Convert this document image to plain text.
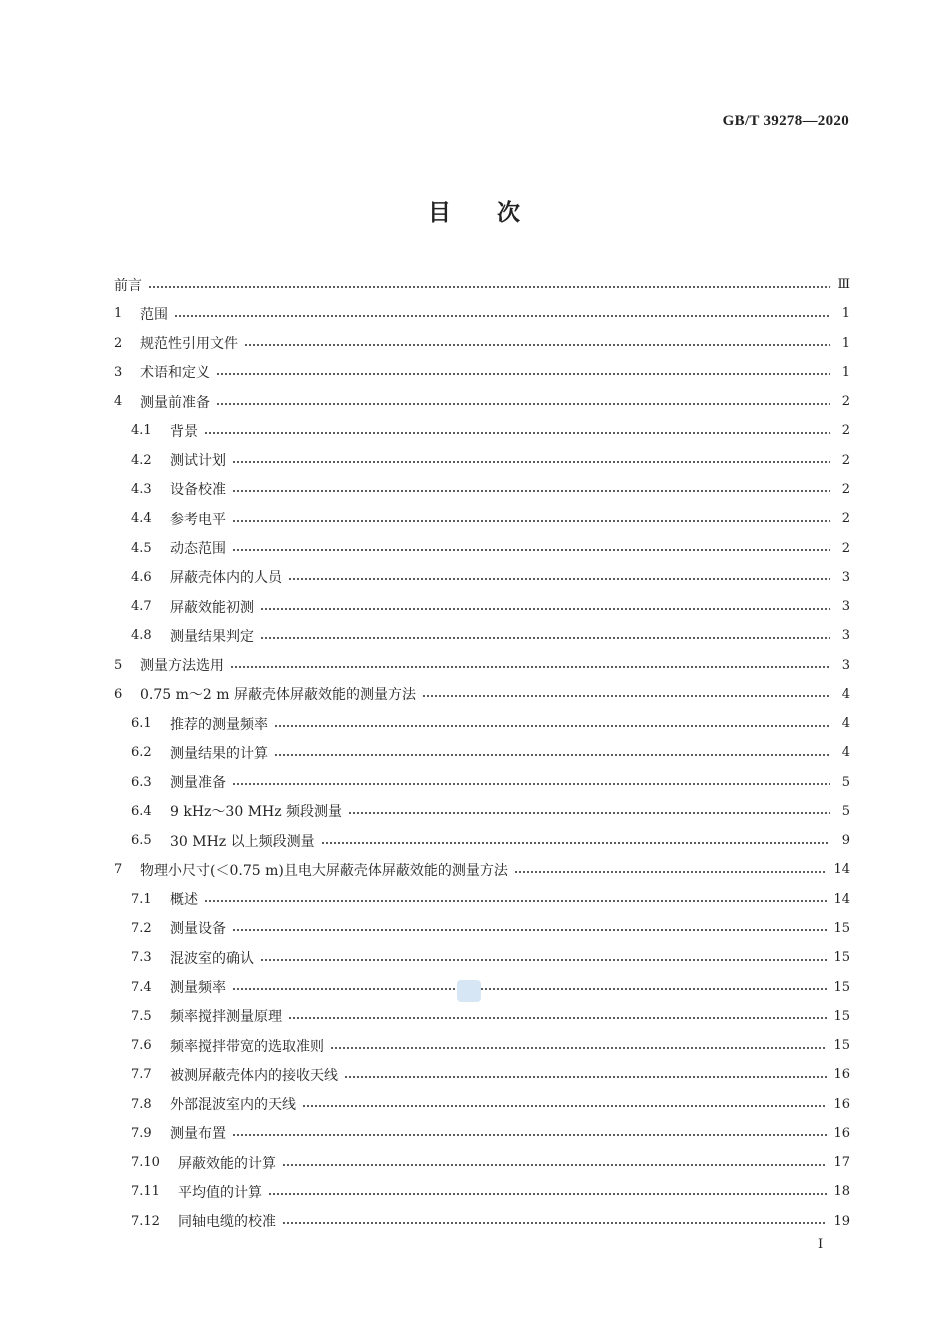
GB/T 39278—2020
目 次
前言	Ⅲ
1	范围	1
2	规范性引用文件	1
3	术语和定义	1
4	测量前准备	2
4.1	背景	2
4.2	测试计划	2
4.3	设备校准	2
4.4	参考电平	2
4.5	动态范围	2
4.6	屏蔽壳体内的人员	3
4.7	屏蔽效能初测	3
4.8	测量结果判定	3
5	测量方法选用	3
6	0.75 m～2 m 屏蔽壳体屏蔽效能的测量方法	4
6.1	推荐的测量频率	4
6.2	测量结果的计算	4
6.3	测量准备	5
6.4	9 kHz～30 MHz 频段测量	5
6.5	30 MHz 以上频段测量	9
7	物理小尺寸(＜0.75 m)且电大屏蔽壳体屏蔽效能的测量方法	14
7.1	概述	14
7.2	测量设备	15
7.3	混波室的确认	15
7.4	测量频率	15
7.5	频率搅拌测量原理	15
7.6	频率搅拌带宽的选取准则	15
7.7	被测屏蔽壳体内的接收天线	16
7.8	外部混波室内的天线	16
7.9	测量布置	16
7.10	屏蔽效能的计算	17
7.11	平均值的计算	18
7.12	同轴电缆的校准	19
Ⅰ
